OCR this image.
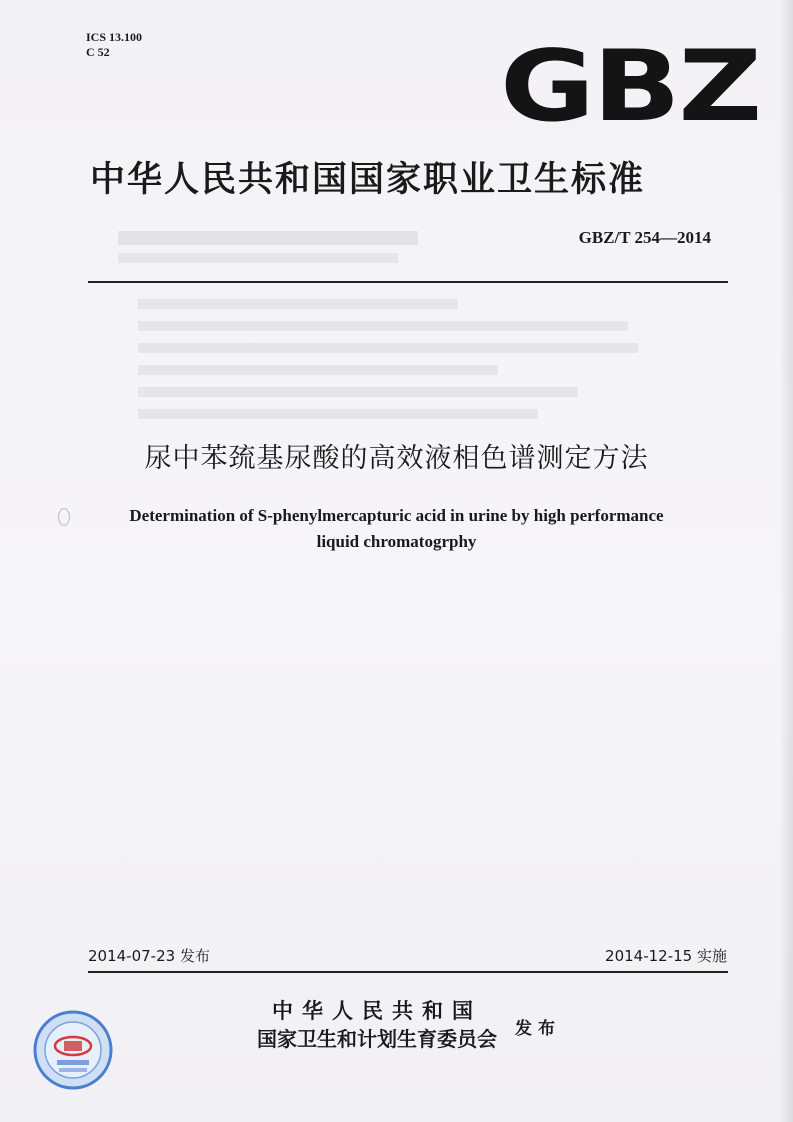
ICS 13.100
C 52	GBZ
中华人民共和国国家职业卫生标准
GBZ/T 254—2014
尿中苯巯基尿酸的高效液相色谱测定方法
Determination of S-phenylmercapturic acid in urine by high performance
liquid chromatogrphy
2014-07-23 发布	2014-12-15 实施
中华人民共和国
国家卫生和计划生育委员会	发布
